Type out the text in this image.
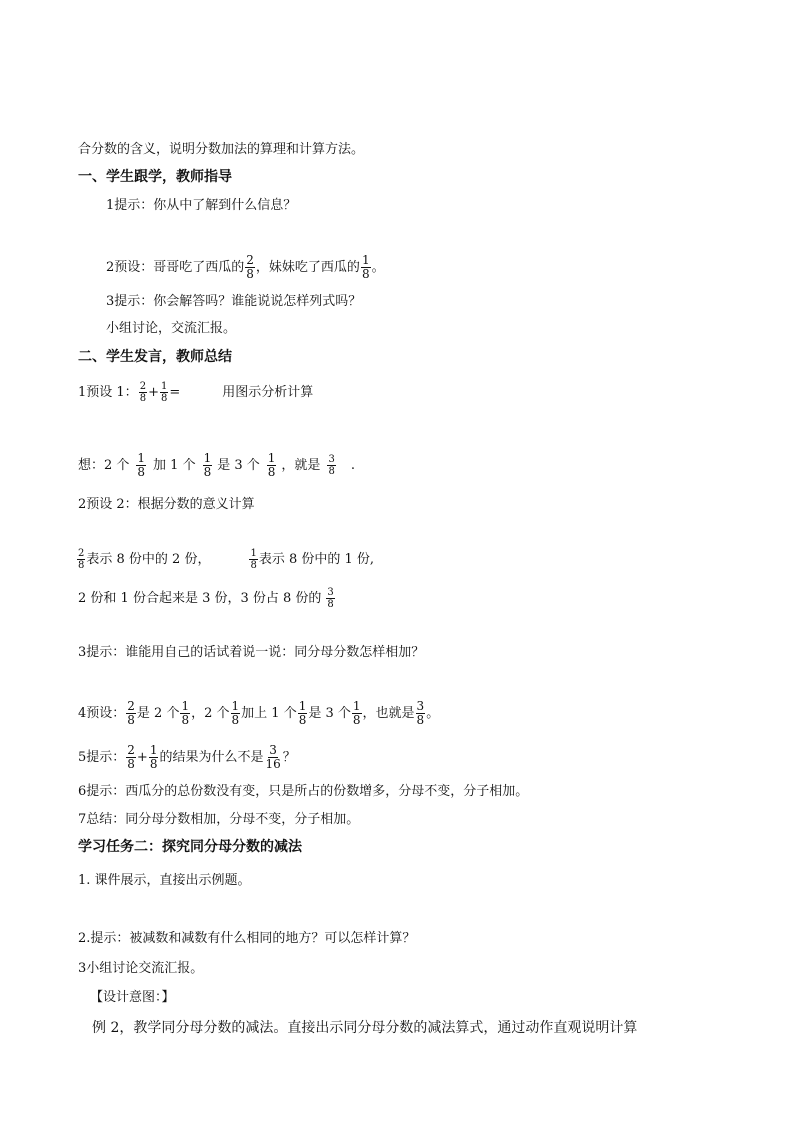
合分数的含义，说明分数加法的算理和计算方法。
一、学生跟学，教师指导
1提示：你从中了解到什么信息？
2预设：哥哥吃了西瓜的 $\frac{2}{8}$ ，妹妹吃了西瓜的 $\frac{1}{8}$ 。
3提示：你会解答吗？谁能说说怎样列式吗？
小组讨论，交流汇报。
二、学生发言，教师总结
1预设 1： $\frac{2}{8} + \frac{1}{8}$ =	用图示分析计算
想：2 个 $\frac{1}{8}$ 加 1 个 $\frac{1}{8}$ 是 3 个 $\frac{1}{8}$ ，就是 $\frac{3}{8}$ .
2预设 2：根据分数的意义计算
$\frac{2}{8}$ 表示 8 份中的 2 份，	$\frac{1}{8}$ 表示 8 份中的 1 份,
2 份和 1 份合起来是 3 份，3 份占 8 份的 $\frac{3}{8}$
3提示：谁能用自己的话试着说一说：同分母分数怎样相加？
4预设： $\frac{2}{8}$ 是 2 个 $\frac{1}{8}$ ，2 个 $\frac{1}{8}$ 加上 1 个 $\frac{1}{8}$ 是 3 个 $\frac{1}{8}$ ，也就是 $\frac{3}{8}$ 。
5提示： $\frac{2}{8} + \frac{1}{8}$ 的结果为什么不是 $\frac{3}{16}$ ？
6提示：西瓜分的总份数没有变，只是所占的份数增多，分母不变，分子相加。
7总结：同分母分数相加，分母不变，分子相加。
学习任务二：探究同分母分数的减法
1. 课件展示，直接出示例题。
2.提示：被减数和减数有什么相同的地方？可以怎样计算？
3小组讨论交流汇报。
【设计意图：】
例 2，教学同分母分数的减法。直接出示同分母分数的减法算式，通过动作直观说明计算
